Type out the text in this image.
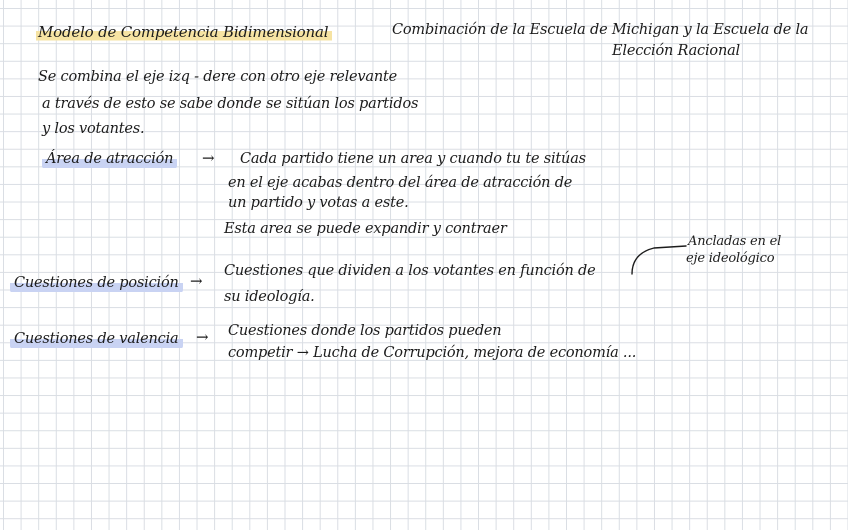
Modelo de Competencia Bidimensional	Combinación de la Escuela de Michigan y la Escuela de la
Elección Racional
Se combina el eje izq - dere con otro eje relevante
a través de esto se sabe donde se sitúan los partidos
y los votantes.
Área de atracción → Cada partido tiene un area y cuando tu te sitúas
en el eje acabas dentro del área de atracción de
un partido y votas a este.
Esta area se puede expandir y contraer
Cuestiones de posición →
Cuestiones que dividen a los votantes en función de
su ideología.
Ancladas en el
eje ideológico
Cuestiones de valencia → Cuestiones donde los partidos pueden
competir → Lucha de Corrupción, mejora de economía ...
